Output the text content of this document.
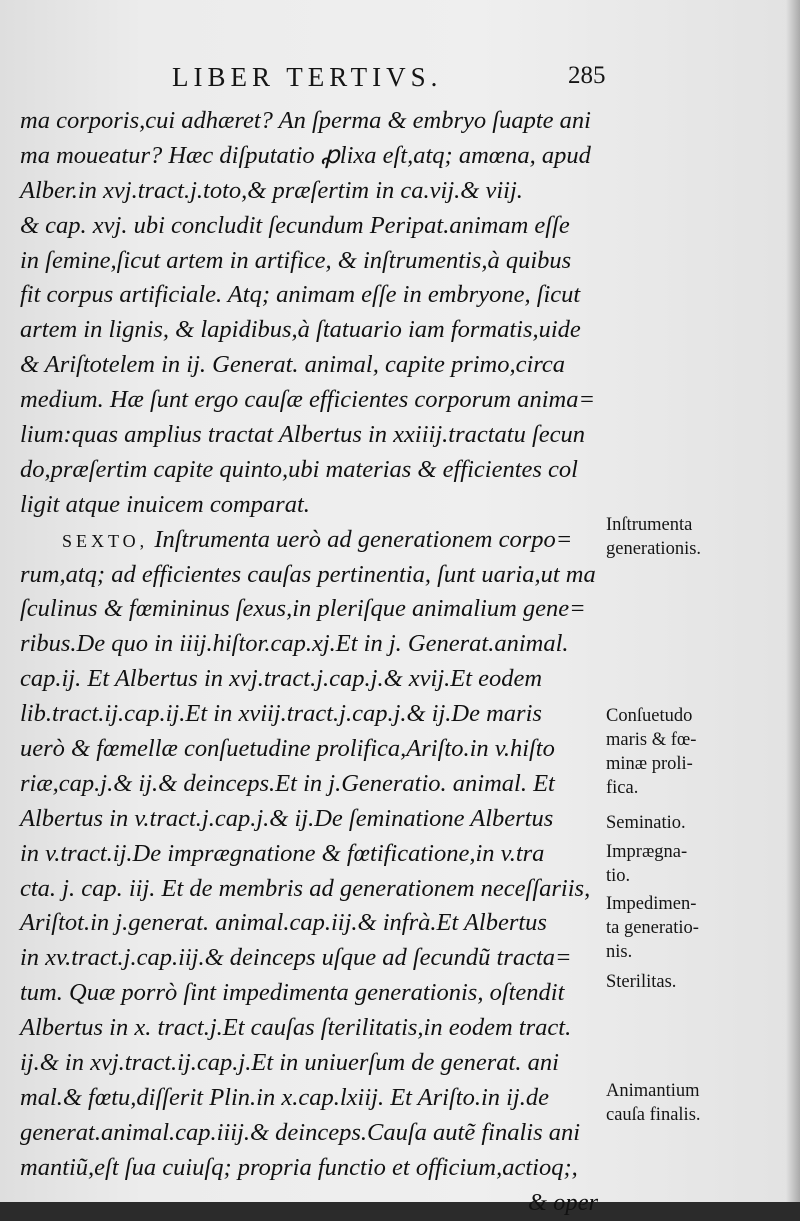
LIBER TERTIVS.	285
ma corporis,cui adhæret? An ſperma & embryo ſuapte ani
ma moueatur? Hæc diſputatio ꝓlixa eſt,atq; amœna, apud
Alber.in xvj.tract.j.toto,& præſertim in ca.vij.& viij.
& cap. xvj. ubi concludit ſecundum Peripat.animam eſſe
in ſemine,ſicut artem in artifice, & inſtrumentis,à quibus
fit corpus artificiale. Atq; animam eſſe in embryone, ſicut
artem in lignis, & lapidibus,à ſtatuario iam formatis,uide
& Ariſtotelem in ij. Generat. animal, capite primo,circa
medium. Hæ ſunt ergo cauſæ efficientes corporum anima=
lium:quas amplius tractat Albertus in xxiiij.tractatu ſecun
do,præſertim capite quinto,ubi materias & efficientes col
ligit atque inuicem comparat.
SEXTO, Inſtrumenta uerò ad generationem corpo=
rum,atq; ad efficientes cauſas pertinentia, ſunt uaria,ut ma
ſculinus & fœmininus ſexus,in pleriſque animalium gene=
ribus.De quo in iiij.hiſtor.cap.xj.Et in j. Generat.animal.
cap.ij. Et Albertus in xvj.tract.j.cap.j.& xvij.Et eodem
lib.tract.ij.cap.ij.Et in xviij.tract.j.cap.j.& ij.De maris
uerò & fœmellæ conſuetudine prolifica,Ariſto.in v.hiſto
riæ,cap.j.& ij.& deinceps.Et in j.Generatio. animal. Et
Albertus in v.tract.j.cap.j.& ij.De ſeminatione Albertus
in v.tract.ij.De imprægnatione & fœtificatione,in v.tra
cta. j. cap. iij. Et de membris ad generationem neceſſariis,
Ariſtot.in j.generat. animal.cap.iij.& infrà.Et Albertus
in xv.tract.j.cap.iij.& deinceps uſque ad ſecundũ tracta=
tum. Quæ porrò ſint impedimenta generationis, oſtendit
Albertus in x. tract.j.Et cauſas ſterilitatis,in eodem tract.
ij.& in xvj.tract.ij.cap.j.Et in uniuerſum de generat. ani
mal.& fœtu,diſſerit Plin.in x.cap.lxiij. Et Ariſto.in ij.de
generat.animal.cap.iiij.& deinceps.Cauſa autẽ finalis ani
mantiũ,eſt ſua cuiuſq; propria functio et officium,actioq;,
& oper
Inſtrumenta
generationis.
Conſuetudo
maris & fœ-
minæ proli-
fica.
Seminatio.
Imprægna-
tio.
Impedimen-
ta generatio-
nis.
Sterilitas.
Animantium
cauſa finalis.
